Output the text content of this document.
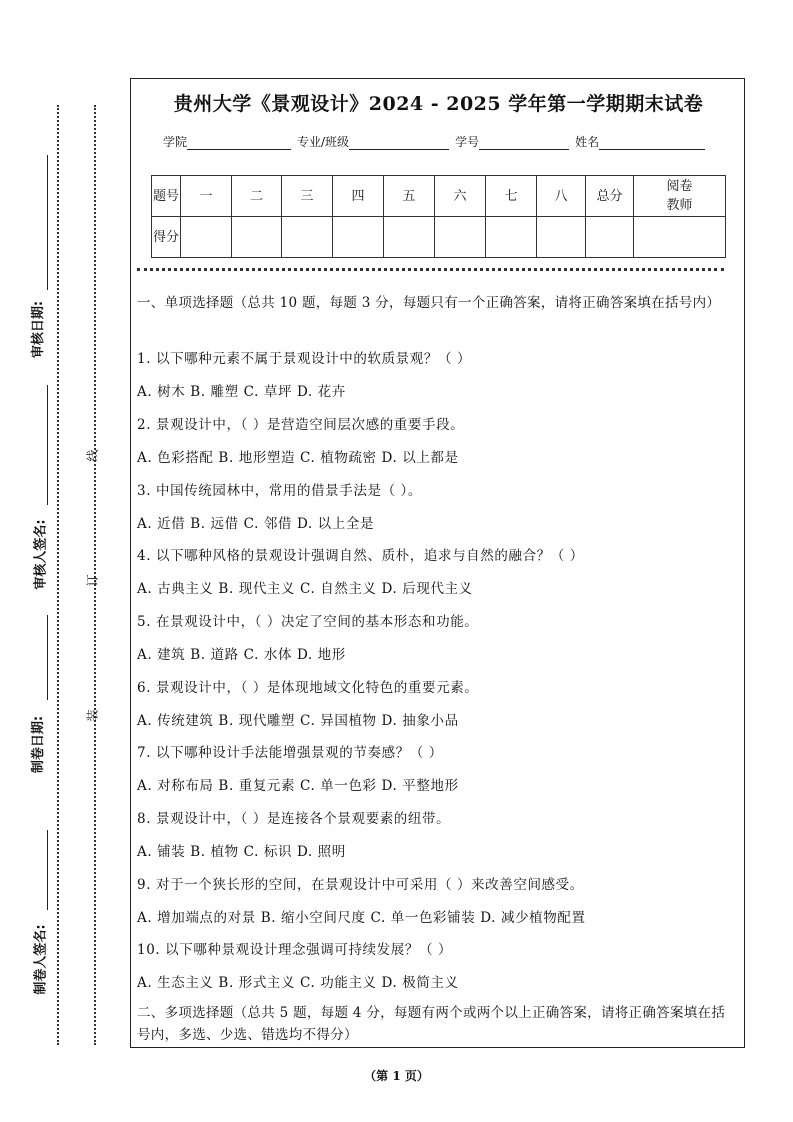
审核日期:
审核人签名:
制卷日期:
制卷人签名:
线
订
装
贵州大学《景观设计》2024 - 2025 学年第一学期期末试卷
学院	专业/班级	学号	姓名
题号	一	二	三	四	五	六	七	八	总分	阅卷教师
得分										
一、单项选择题（总共 10 题，每题 3 分，每题只有一个正确答案，请将正确答案填在括号内）
1. 以下哪种元素不属于景观设计中的软质景观？（ ）
A. 树木 B. 雕塑 C. 草坪 D. 花卉
2. 景观设计中，（ ）是营造空间层次感的重要手段。
A. 色彩搭配 B. 地形塑造 C. 植物疏密 D. 以上都是
3. 中国传统园林中，常用的借景手法是（ ）。
A. 近借 B. 远借 C. 邻借 D. 以上全是
4. 以下哪种风格的景观设计强调自然、质朴，追求与自然的融合？（ ）
A. 古典主义 B. 现代主义 C. 自然主义 D. 后现代主义
5. 在景观设计中，（ ）决定了空间的基本形态和功能。
A. 建筑 B. 道路 C. 水体 D. 地形
6. 景观设计中，（ ）是体现地域文化特色的重要元素。
A. 传统建筑 B. 现代雕塑 C. 异国植物 D. 抽象小品
7. 以下哪种设计手法能增强景观的节奏感？（ ）
A. 对称布局 B. 重复元素 C. 单一色彩 D. 平整地形
8. 景观设计中，（ ）是连接各个景观要素的纽带。
A. 铺装 B. 植物 C. 标识 D. 照明
9. 对于一个狭长形的空间，在景观设计中可采用（ ）来改善空间感受。
A. 增加端点的对景 B. 缩小空间尺度 C. 单一色彩铺装 D. 减少植物配置
10. 以下哪种景观设计理念强调可持续发展？（ ）
A. 生态主义 B. 形式主义 C. 功能主义 D. 极简主义
二、多项选择题（总共 5 题，每题 4 分，每题有两个或两个以上正确答案，请将正确答案填在括号内，多选、少选、错选均不得分）
（第 1 页）
